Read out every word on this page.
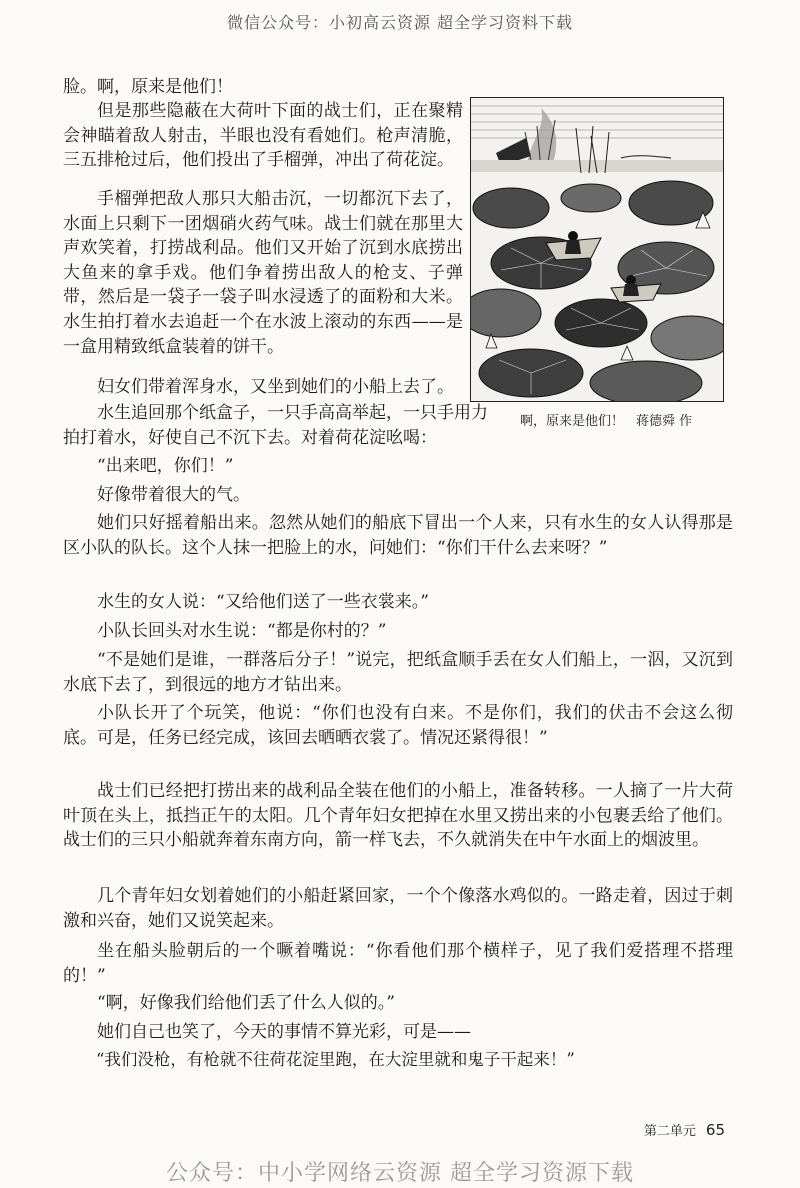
微信公众号：小初高云资源 超全学习资料下载
啊，原来是他们！ 蒋德舜 作

脸。啊，原来是他们！

但是那些隐蔽在大荷叶下面的战士们，正在聚精会神瞄着敌人射击，半眼也没有看她们。枪声清脆，三五排枪过后，他们投出了手榴弹，冲出了荷花淀。

手榴弹把敌人那只大船击沉，一切都沉下去了，水面上只剩下一团烟硝火药气味。战士们就在那里大声欢笑着，打捞战利品。他们又开始了沉到水底捞出大鱼来的拿手戏。他们争着捞出敌人的枪支、子弹带，然后是一袋子一袋子叫水浸透了的面粉和大米。水生拍打着水去追赶一个在水波上滚动的东西——是一盒用精致纸盒装着的饼干。

妇女们带着浑身水，又坐到她们的小船上去了。

水生追回那个纸盒子，一只手高高举起，一只手用力拍打着水，好使自己不沉下去。对着荷花淀吆喝：

“出来吧，你们！”

好像带着很大的气。

她们只好摇着船出来。忽然从她们的船底下冒出一个人来，只有水生的女人认得那是区小队的队长。这个人抹一把脸上的水，问她们：“你们干什么去来呀？”

水生的女人说：“又给他们送了一些衣裳来。”

小队长回头对水生说：“都是你村的？”

“不是她们是谁，一群落后分子！”说完，把纸盒顺手丢在女人们船上，一泅，又沉到水底下去了，到很远的地方才钻出来。

小队长开了个玩笑，他说：“你们也没有白来。不是你们，我们的伏击不会这么彻底。可是，任务已经完成，该回去晒晒衣裳了。情况还紧得很！”

战士们已经把打捞出来的战利品全装在他们的小船上，准备转移。一人摘了一片大荷叶顶在头上，抵挡正午的太阳。几个青年妇女把掉在水里又捞出来的小包裹丢给了他们。战士们的三只小船就奔着东南方向，箭一样飞去，不久就消失在中午水面上的烟波里。

几个青年妇女划着她们的小船赶紧回家，一个个像落水鸡似的。一路走着，因过于刺激和兴奋，她们又说笑起来。

坐在船头脸朝后的一个噘着嘴说：“你看他们那个横样子，见了我们爱搭理不搭理的！”

“啊，好像我们给他们丢了什么人似的。”

她们自己也笑了，今天的事情不算光彩，可是——

“我们没枪，有枪就不往荷花淀里跑，在大淀里就和鬼子干起来！”

第二单元 65
公众号：中小学网络云资源 超全学习资源下载
